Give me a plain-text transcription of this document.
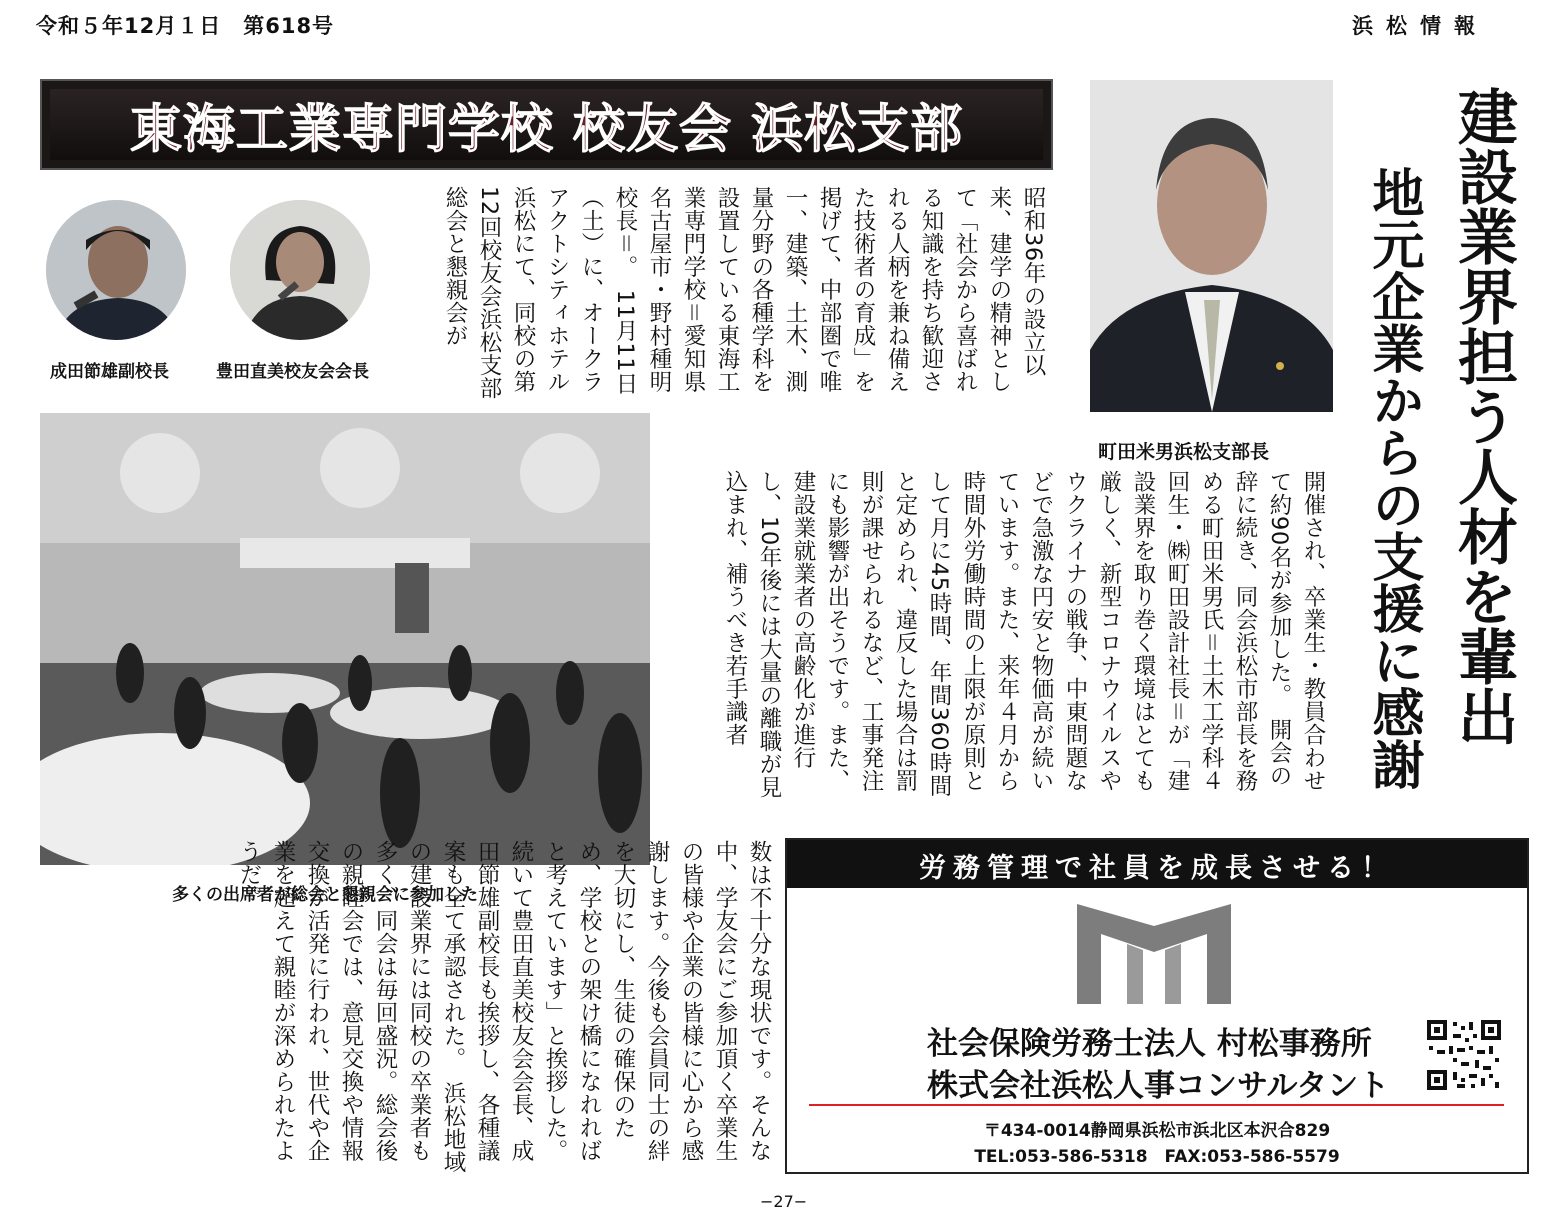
令和５年12月１日　第618号	浜松情報
東海工業専門学校 校友会 浜松支部
成田節雄副校長	豊田直美校友会会長
多くの出席者が総会と懇親会に参加した
町田米男浜松支部長	建設業界担う人材を輩出
地元企業からの支援に感謝
昭和36年の設立以来、建学の精神として「社会から喜ばれる知識を持ち歓迎される人柄を兼ね備えた技術者の育成」を掲げて、中部圏で唯一、建築、土木、測量分野の各種学科を設置している東海工業専門学校＝愛知県名古屋市・野村種明校長＝。　11月11日（土）に、オークラアクトシティホテル浜松にて、同校の第12回校友会浜松支部総会と懇親会が
開催され、卒業生・教員合わせて約90名が参加した。　開会の辞に続き、同会浜松市部長を務める町田米男氏＝土木工学科４回生・㈱町田設計社長＝が「建設業界を取り巻く環境はとても厳しく、新型コロナウイルスやウクライナの戦争、中東問題などで急激な円安と物価高が続いています。また、来年４月から時間外労働時間の上限が原則として月に45時間、年間360時間と定められ、違反した場合は罰則が課せられるなど、工事発注にも影響が出そうです。また、建設業就業者の高齢化が進行し、10年後には大量の離職が見込まれ、補うべき若手識者
数は不十分な現状です。そんな中、学友会にご参加頂く卒業生の皆様や企業の皆様に心から感謝します。今後も会員同士の絆を大切にし、生徒の確保のため、学校との架け橋になれればと考えています」と挨拶した。　続いて豊田直美校友会会長、成田節雄副校長も挨拶し、各種議案も全て承認された。　浜松地域の建設業界には同校の卒業者も多く、同会は毎回盛況。総会後の親睦会では、意見交換や情報交換が活発に行われ、世代や企業を超えて親睦が深められたようだ。	労務管理で社員を成長させる！
社会保険労務士法人 村松事務所
株式会社浜松人事コンサルタント
〒434-0014静岡県浜松市浜北区本沢合829
TEL:053-586-5318　FAX:053-586-5579
−27−
